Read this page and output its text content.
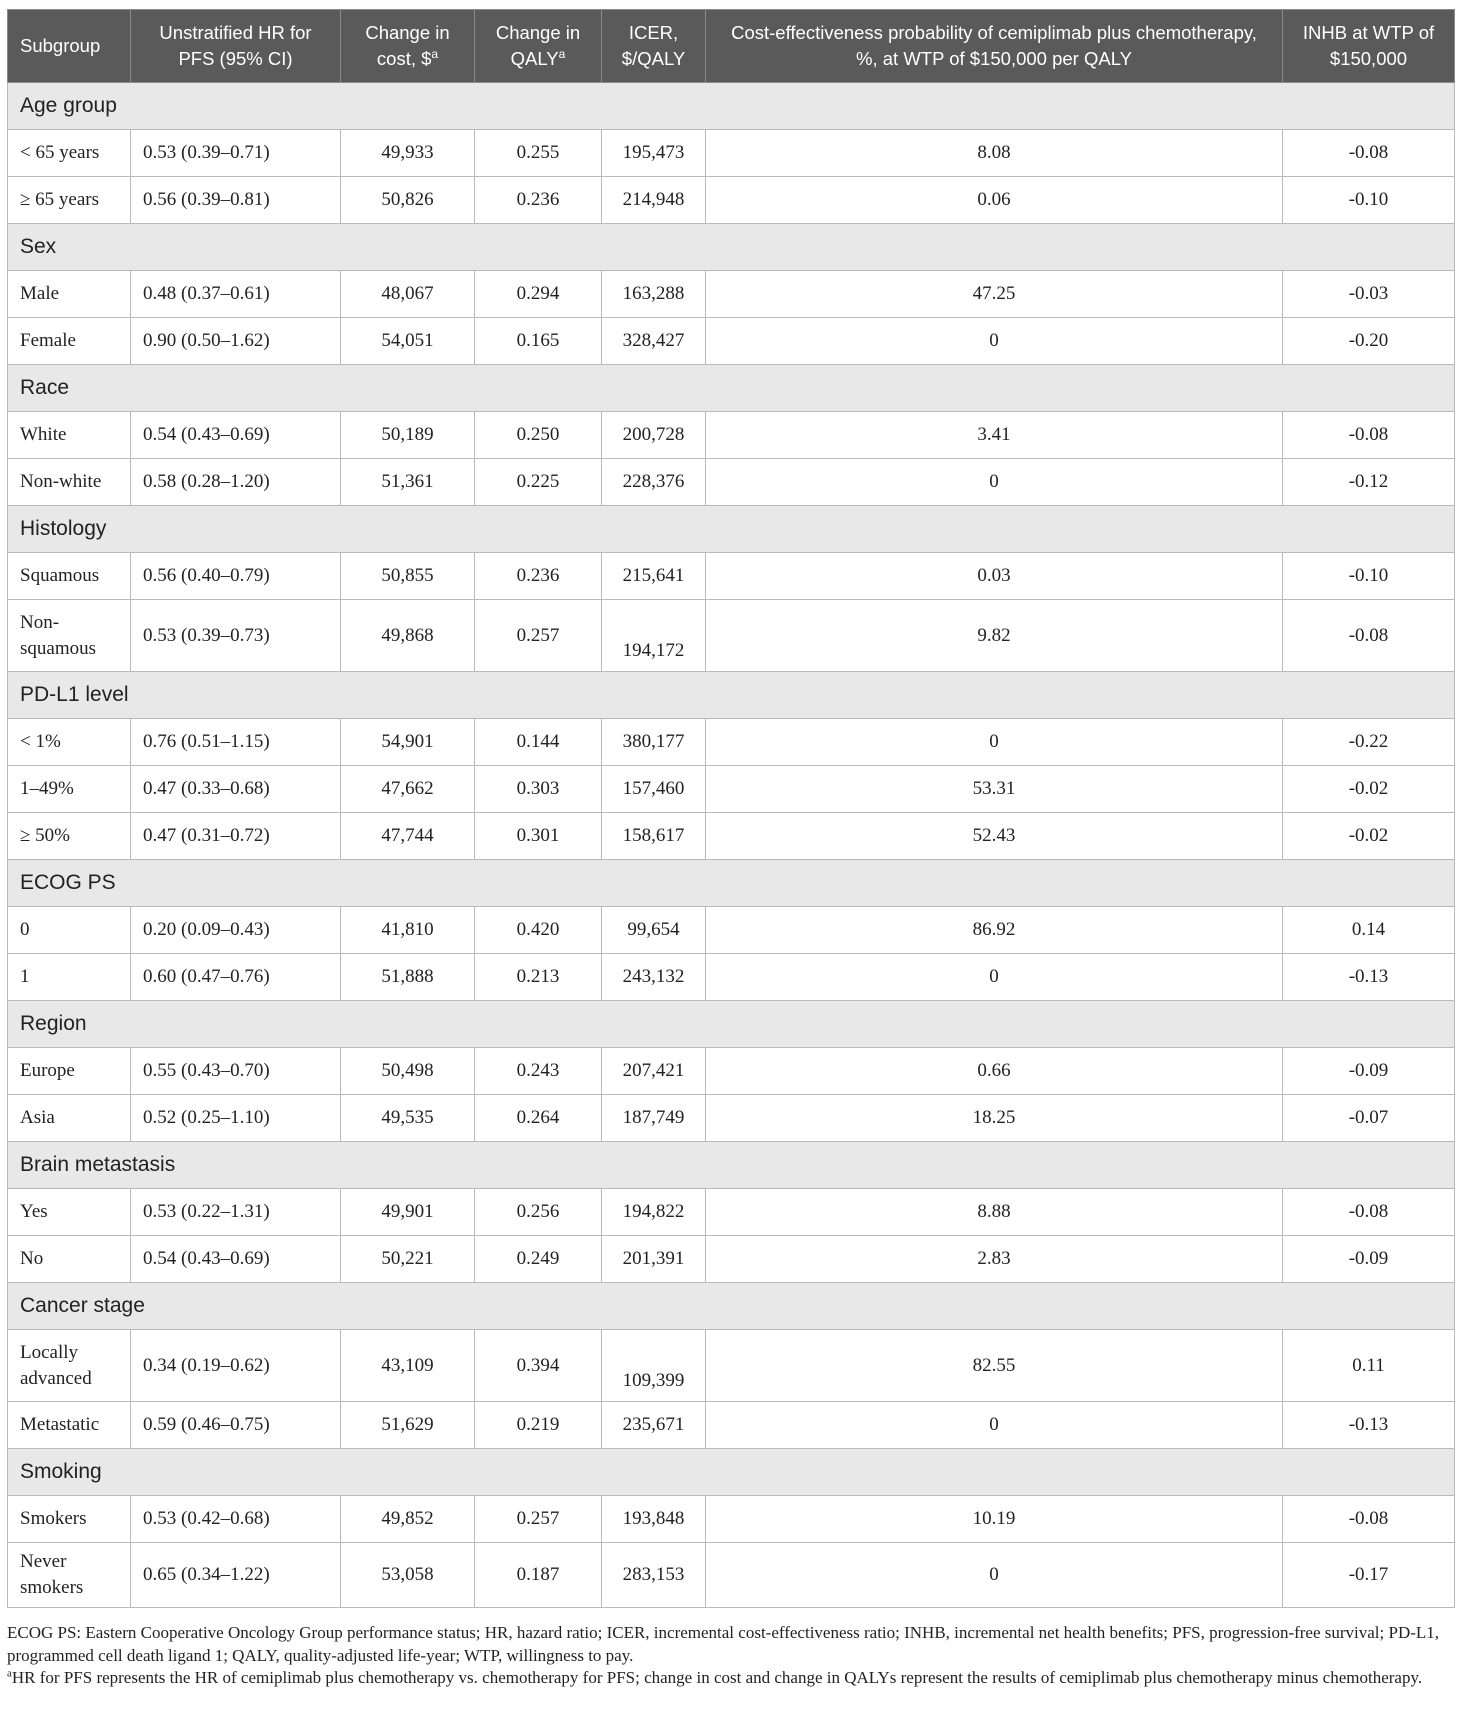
Subgroup	Unstratified HR for PFS (95% CI)	Change in cost, \$$^a$	Change in QALY$^a$	ICER, $/QALY	Cost-effectiveness probability of cemiplimab plus chemotherapy, %, at WTP of $150,000 per QALY	INHB at WTP of $150,000

Age group						
< 65 years	0.53 (0.39–0.71)	49,933	0.255	195,473	8.08	-0.08
≥ 65 years	0.56 (0.39–0.81)	50,826	0.236	214,948	0.06	-0.10
Sex						
Male	0.48 (0.37–0.61)	48,067	0.294	163,288	47.25	-0.03
Female	0.90 (0.50–1.62)	54,051	0.165	328,427	0	-0.20
Race						
White	0.54 (0.43–0.69)	50,189	0.250	200,728	3.41	-0.08
Non-white	0.58 (0.28–1.20)	51,361	0.225	228,376	0	-0.12
Histology						
Squamous	0.56 (0.40–0.79)	50,855	0.236	215,641	0.03	-0.10
Non-squamous	0.53 (0.39–0.73)	49,868	0.257	194,172	9.82	-0.08
PD-L1 level						
< 1%	0.76 (0.51–1.15)	54,901	0.144	380,177	0	-0.22
1–49%	0.47 (0.33–0.68)	47,662	0.303	157,460	53.31	-0.02
≥ 50%	0.47 (0.31–0.72)	47,744	0.301	158,617	52.43	-0.02
ECOG PS						
0	0.20 (0.09–0.43)	41,810	0.420	99,654	86.92	0.14
1	0.60 (0.47–0.76)	51,888	0.213	243,132	0	-0.13
Region						
Europe	0.55 (0.43–0.70)	50,498	0.243	207,421	0.66	-0.09
Asia	0.52 (0.25–1.10)	49,535	0.264	187,749	18.25	-0.07
Brain metastasis						
Yes	0.53 (0.22–1.31)	49,901	0.256	194,822	8.88	-0.08
No	0.54 (0.43–0.69)	50,221	0.249	201,391	2.83	-0.09
Cancer stage						
Locally advanced	0.34 (0.19–0.62)	43,109	0.394	109,399	82.55	0.11
Metastatic	0.59 (0.46–0.75)	51,629	0.219	235,671	0	-0.13
Smoking						
Smokers	0.53 (0.42–0.68)	49,852	0.257	193,848	10.19	-0.08
Never smokers	0.65 (0.34–1.22)	53,058	0.187	283,153	0	-0.17

ECOG PS: Eastern Cooperative Oncology Group performance status; HR, hazard ratio; ICER, incremental cost-effectiveness ratio; INHB, incremental net health benefits; PFS, progression-free survival; PD-L1, programmed cell death ligand 1; QALY, quality-adjusted life-year; WTP, willingness to pay.

$^a$HR for PFS represents the HR of cemiplimab plus chemotherapy vs. chemotherapy for PFS; change in cost and change in QALYs represent the results of cemiplimab plus chemotherapy minus chemotherapy.
